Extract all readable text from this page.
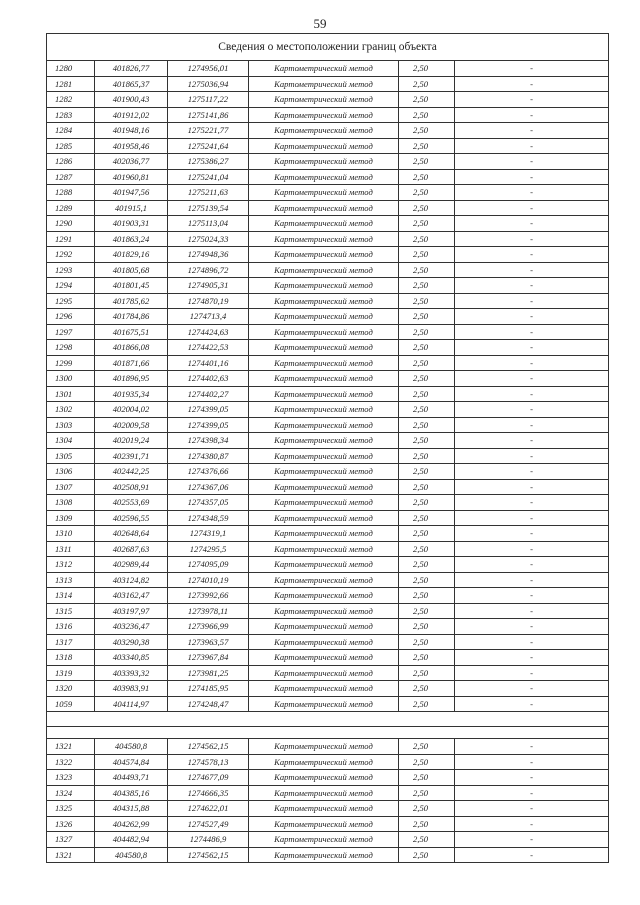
59
Сведения о местоположении границ объекта					
1280	401826,77	1274956,01	Картометрический метод	2,50	-
1281	401865,37	1275036,94	Картометрический метод	2,50	-
1282	401900,43	1275117,22	Картометрический метод	2,50	-
1283	401912,02	1275141,86	Картометрический метод	2,50	-
1284	401948,16	1275221,77	Картометрический метод	2,50	-
1285	401958,46	1275241,64	Картометрический метод	2,50	-
1286	402036,77	1275386,27	Картометрический метод	2,50	-
1287	401960,81	1275241,04	Картометрический метод	2,50	-
1288	401947,56	1275211,63	Картометрический метод	2,50	-
1289	401915,1	1275139,54	Картометрический метод	2,50	-
1290	401903,31	1275113,04	Картометрический метод	2,50	-
1291	401863,24	1275024,33	Картометрический метод	2,50	-
1292	401829,16	1274948,36	Картометрический метод	2,50	-
1293	401805,68	1274896,72	Картометрический метод	2,50	-
1294	401801,45	1274905,31	Картометрический метод	2,50	-
1295	401785,62	1274870,19	Картометрический метод	2,50	-
1296	401784,86	1274713,4	Картометрический метод	2,50	-
1297	401675,51	1274424,63	Картометрический метод	2,50	-
1298	401866,08	1274422,53	Картометрический метод	2,50	-
1299	401871,66	1274401,16	Картометрический метод	2,50	-
1300	401896,95	1274402,63	Картометрический метод	2,50	-
1301	401935,34	1274402,27	Картометрический метод	2,50	-
1302	402004,02	1274399,05	Картометрический метод	2,50	-
1303	402009,58	1274399,05	Картометрический метод	2,50	-
1304	402019,24	1274398,34	Картометрический метод	2,50	-
1305	402391,71	1274380,87	Картометрический метод	2,50	-
1306	402442,25	1274376,66	Картометрический метод	2,50	-
1307	402508,91	1274367,06	Картометрический метод	2,50	-
1308	402553,69	1274357,05	Картометрический метод	2,50	-
1309	402596,55	1274348,59	Картометрический метод	2,50	-
1310	402648,64	1274319,1	Картометрический метод	2,50	-
1311	402687,63	1274295,5	Картометрический метод	2,50	-
1312	402989,44	1274095,09	Картометрический метод	2,50	-
1313	403124,82	1274010,19	Картометрический метод	2,50	-
1314	403162,47	1273992,66	Картометрический метод	2,50	-
1315	403197,97	1273978,11	Картометрический метод	2,50	-
1316	403236,47	1273966,99	Картометрический метод	2,50	-
1317	403290,38	1273963,57	Картометрический метод	2,50	-
1318	403340,85	1273967,84	Картометрический метод	2,50	-
1319	403393,32	1273981,25	Картометрический метод	2,50	-
1320	403983,91	1274185,95	Картометрический метод	2,50	-
1059	404114,97	1274248,47	Картометрический метод	2,50	-

1321	404580,8	1274562,15	Картометрический метод	2,50	-
1322	404574,84	1274578,13	Картометрический метод	2,50	-
1323	404493,71	1274677,09	Картометрический метод	2,50	-
1324	404385,16	1274666,35	Картометрический метод	2,50	-
1325	404315,88	1274622,01	Картометрический метод	2,50	-
1326	404262,99	1274527,49	Картометрический метод	2,50	-
1327	404482,94	1274486,9	Картометрический метод	2,50	-
1321	404580,8	1274562,15	Картометрический метод	2,50	-
